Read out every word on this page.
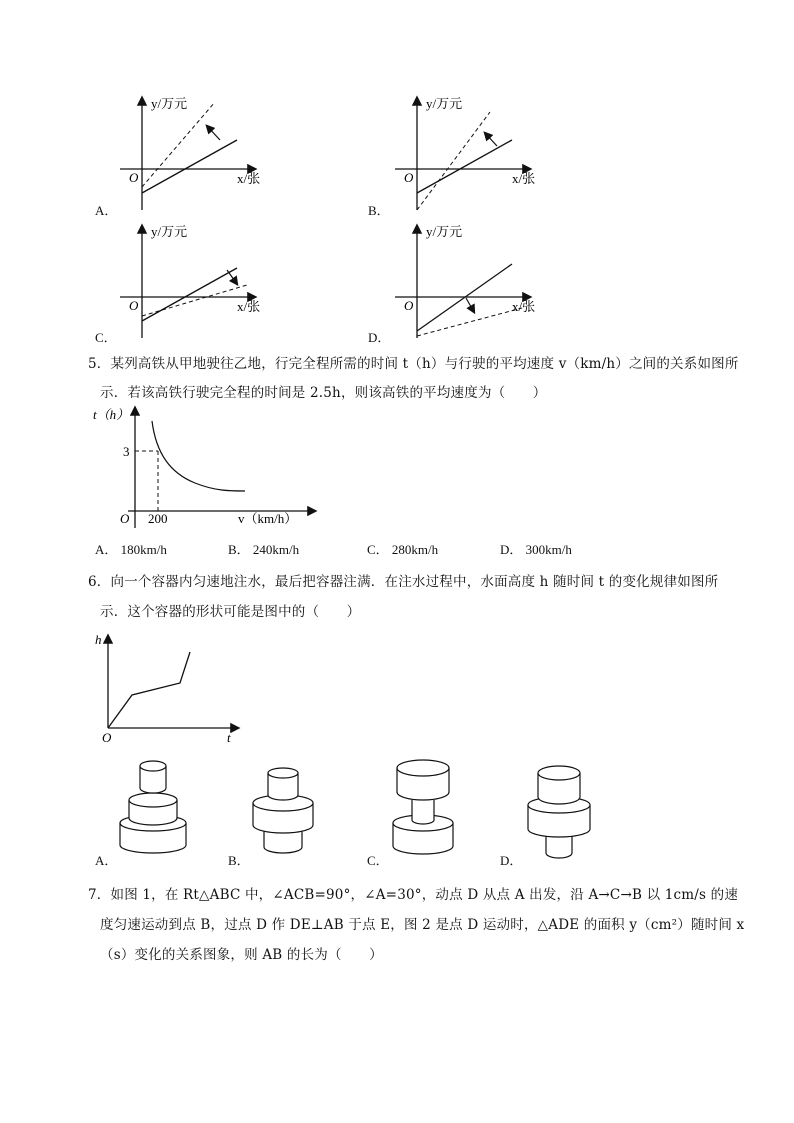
O
y/万元
x/张
A．
O
y/万元
x/张
B．
O
y/万元
x/张
C．
O
y/万元
x/张
D．
5．某列高铁从甲地驶往乙地，行完全程所需的时间 t（h）与行驶的平均速度 v（km/h）之间的关系如图所
示．若该高铁行驶完全程的时间是 2.5h，则该高铁的平均速度为（　　）
t（h）
v（km/h）
O
3
200
A． 180km/h	B． 240km/h	C． 280km/h	D． 300km/h
6．向一个容器内匀速地注水，最后把容器注满．在注水过程中，水面高度 h 随时间 t 的变化规律如图所
示．这个容器的形状可能是图中的（　　）
h
t
O
A．	B．	C．	D．
7．如图 1，在 Rt△ABC 中，∠ACB=90°，∠A=30°，动点 D 从点 A 出发，沿 A→C→B 以 1cm/s 的速
度匀速运动到点 B，过点 D 作 DE⊥AB 于点 E，图 2 是点 D 运动时，△ADE 的面积 y（cm²）随时间 x
（s）变化的关系图象，则 AB 的长为（　　）
